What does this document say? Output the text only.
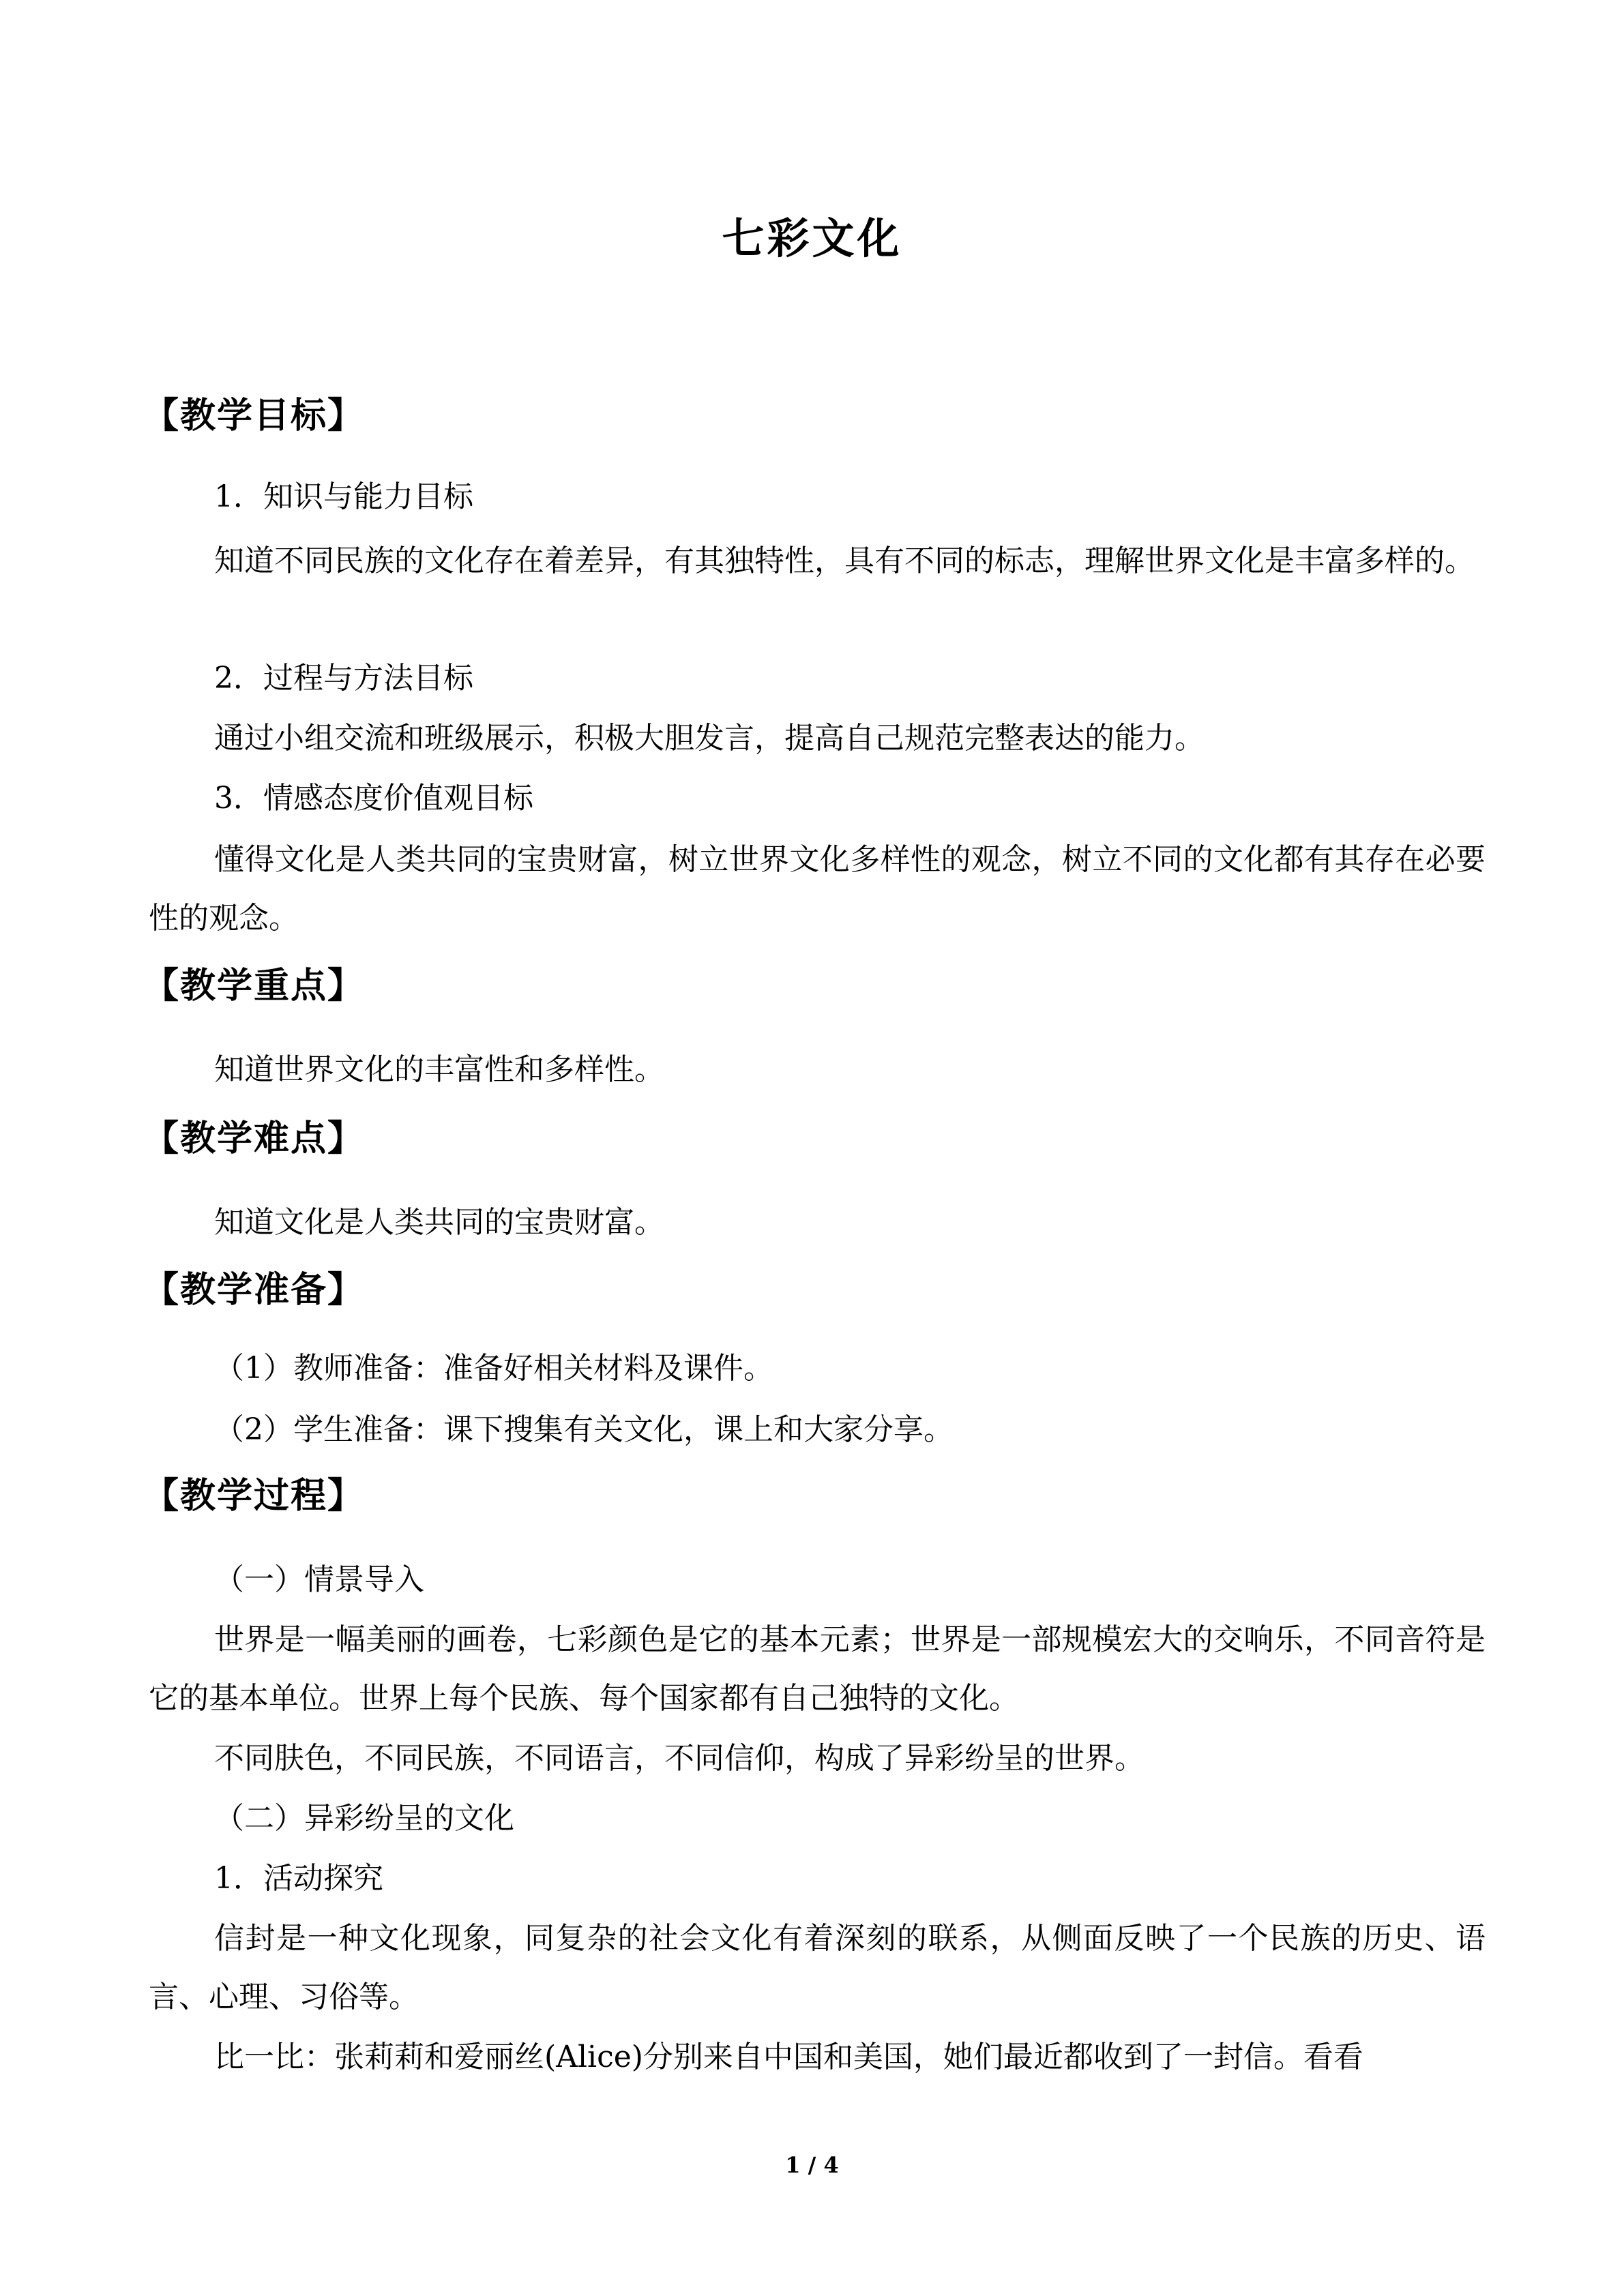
七彩文化
【教学目标】
1．知识与能力目标
知道不同民族的文化存在着差异，有其独特性，具有不同的标志，理解世界文化是丰富多样的。
2．过程与方法目标
通过小组交流和班级展示，积极大胆发言，提高自己规范完整表达的能力。
3．情感态度价值观目标
懂得文化是人类共同的宝贵财富，树立世界文化多样性的观念，树立不同的文化都有其存在必要性的观念。
【教学重点】
知道世界文化的丰富性和多样性。
【教学难点】
知道文化是人类共同的宝贵财富。
【教学准备】
（1）教师准备：准备好相关材料及课件。
（2）学生准备：课下搜集有关文化，课上和大家分享。
【教学过程】
（一）情景导入
世界是一幅美丽的画卷，七彩颜色是它的基本元素；世界是一部规模宏大的交响乐，不同音符是它的基本单位。世界上每个民族、每个国家都有自己独特的文化。
不同肤色，不同民族，不同语言，不同信仰，构成了异彩纷呈的世界。
（二）异彩纷呈的文化
1．活动探究
信封是一种文化现象，同复杂的社会文化有着深刻的联系，从侧面反映了一个民族的历史、语言、心理、习俗等。
比一比：张莉莉和爱丽丝(Alice)分别来自中国和美国，她们最近都收到了一封信。看看
1 / 4
